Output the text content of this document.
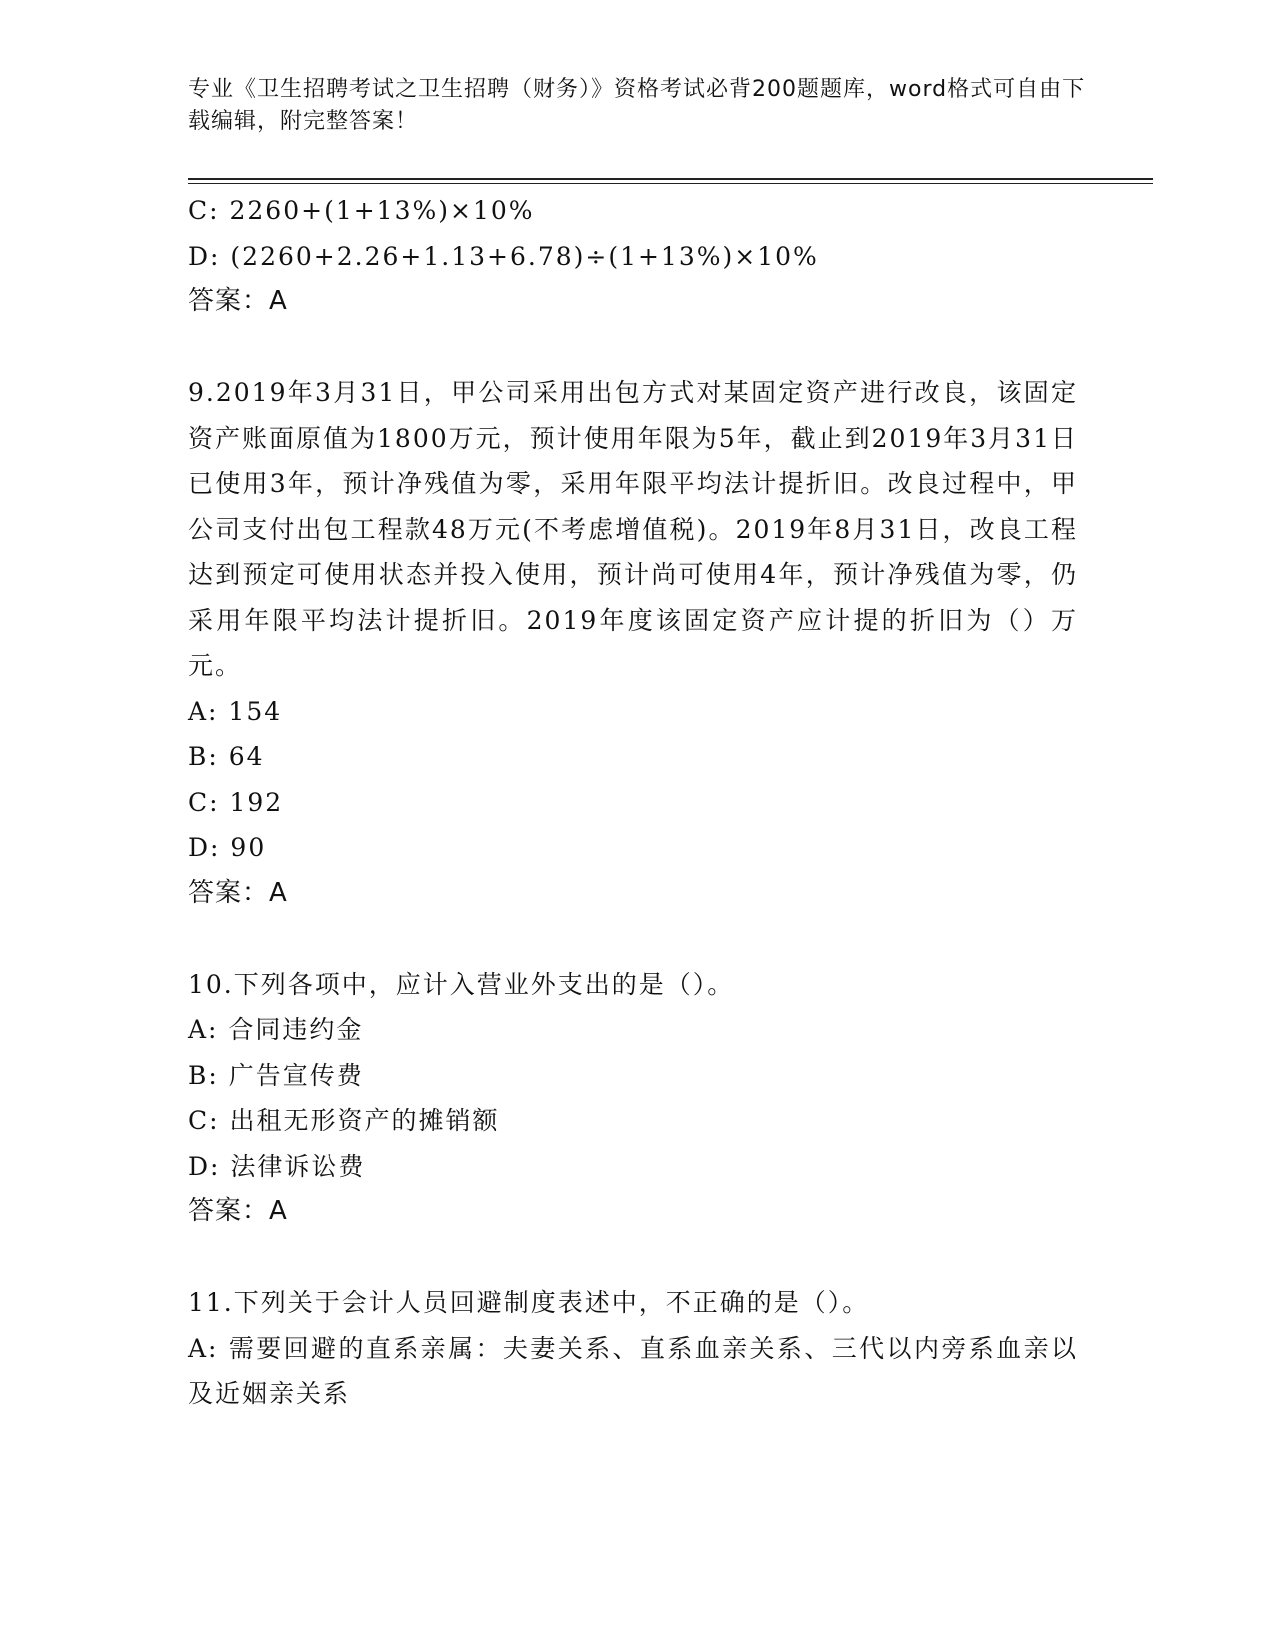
专业《卫生招聘考试之卫生招聘（财务）》资格考试必背200题题库，word格式可自由下载编辑，附完整答案！

C: 2260+(1+13%)×10%

D: (2260+2.26+1.13+6.78)÷(1+13%)×10%

答案：A

9.2019年3月31日，甲公司采用出包方式对某固定资产进行改良，该固定资产账面原值为1800万元，预计使用年限为5年，截止到2019年3月31日已使用3年，预计净残值为零，采用年限平均法计提折旧。改良过程中，甲公司支付出包工程款48万元(不考虑增值税)。2019年8月31日，改良工程达到预定可使用状态并投入使用，预计尚可使用4年，预计净残值为零，仍采用年限平均法计提折旧。2019年度该固定资产应计提的折旧为（）万元。

A: 154

B: 64

C: 192

D: 90

答案：A

10.下列各项中，应计入营业外支出的是（）。

A: 合同违约金

B: 广告宣传费

C: 出租无形资产的摊销额

D: 法律诉讼费

答案：A

11.下列关于会计人员回避制度表述中，不正确的是（）。

A: 需要回避的直系亲属：夫妻关系、直系血亲关系、三代以内旁系血亲以及近姻亲关系
